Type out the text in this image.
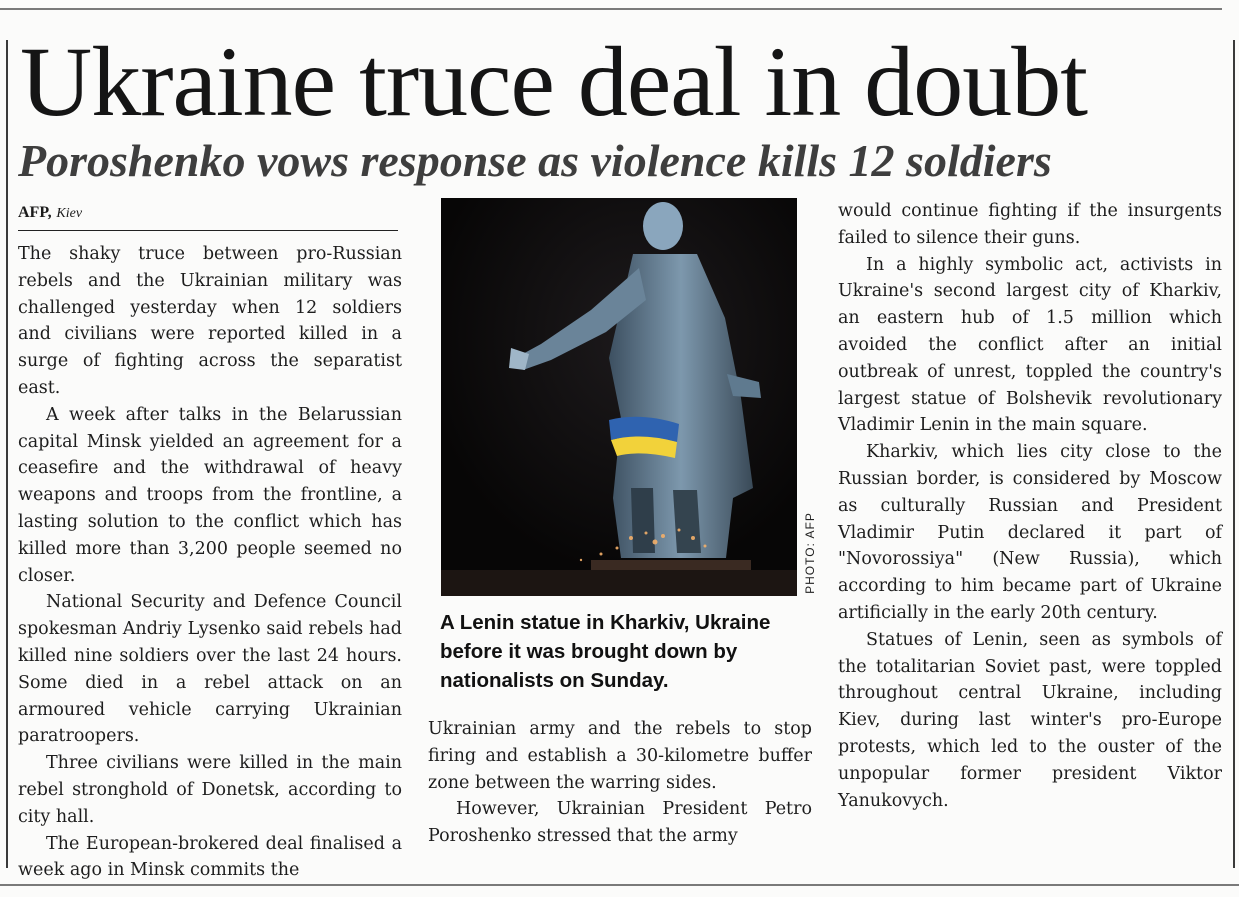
Ukraine truce deal in doubt
Poroshenko vows response as violence kills 12 soldiers
AFP, Kiev

The shaky truce between pro-Russian rebels and the Ukrainian military was challenged yesterday when 12 soldiers and civilians were reported killed in a surge of fighting across the separatist east.

A week after talks in the Belarussian capital Minsk yielded an agreement for a ceasefire and the withdrawal of heavy weapons and troops from the frontline, a lasting solution to the conflict which has killed more than 3,200 people seemed no closer.

National Security and Defence Council spokesman Andriy Lysenko said rebels had killed nine soldiers over the last 24 hours. Some died in a rebel attack on an armoured vehicle carrying Ukrainian paratroopers.

Three civilians were killed in the main rebel stronghold of Donetsk, according to city hall.

The European-brokered deal finalised a week ago in Minsk commits the

PHOTO: AFP

A Lenin statue in Kharkiv, Ukraine before it was brought down by nationalists on Sunday.

Ukrainian army and the rebels to stop firing and establish a 30-kilometre buffer zone between the warring sides.

However, Ukrainian President Petro Poroshenko stressed that the army

would continue fighting if the insurgents failed to silence their guns.

In a highly symbolic act, activists in Ukraine's second largest city of Kharkiv, an eastern hub of 1.5 million which avoided the conflict after an initial outbreak of unrest, toppled the country's largest statue of Bolshevik revolutionary Vladimir Lenin in the main square.

Kharkiv, which lies city close to the Russian border, is considered by Moscow as culturally Russian and President Vladimir Putin declared it part of "Novorossiya" (New Russia), which according to him became part of Ukraine artificially in the early 20th century.

Statues of Lenin, seen as symbols of the totalitarian Soviet past, were toppled throughout central Ukraine, including Kiev, during last winter's pro-Europe protests, which led to the ouster of the unpopular former president Viktor Yanukovych.
